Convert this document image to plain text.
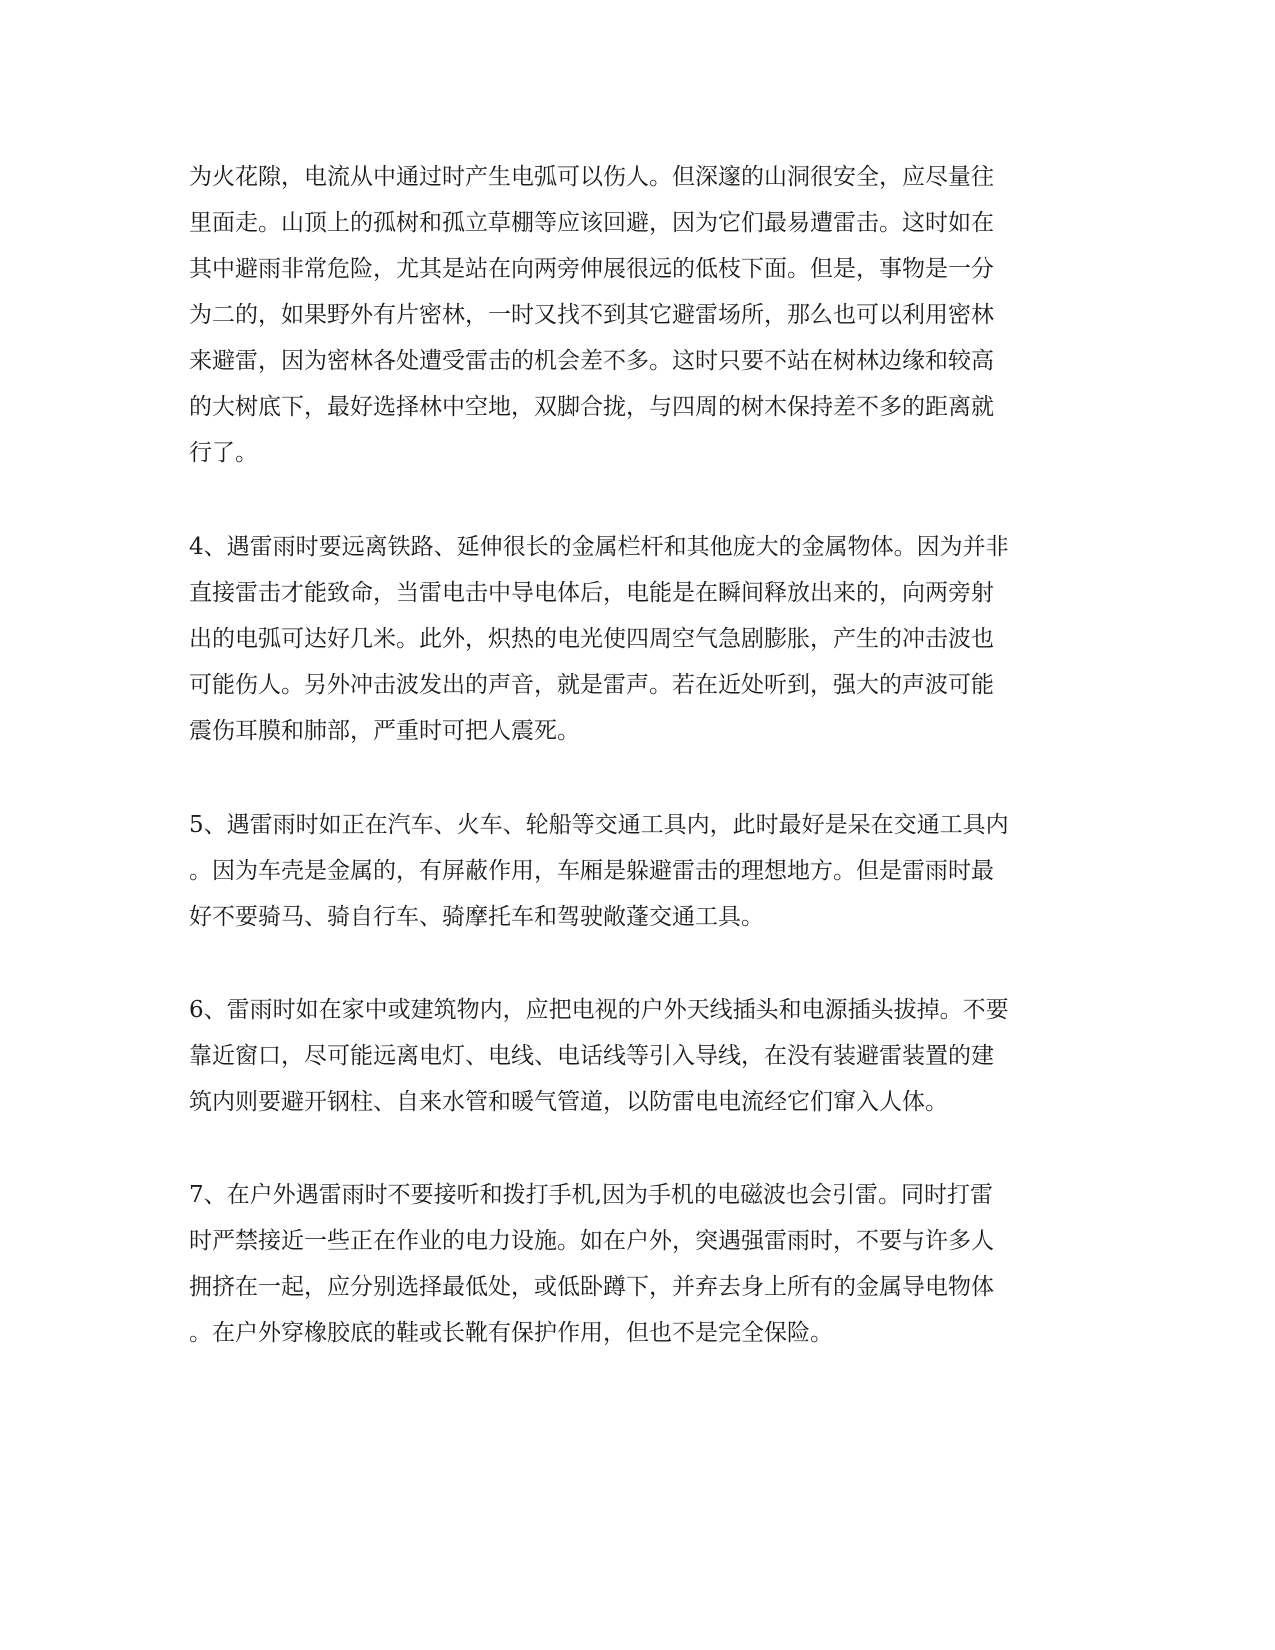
为火花隙，电流从中通过时产生电弧可以伤人。但深邃的山洞很安全，应尽量往
里面走。山顶上的孤树和孤立草棚等应该回避，因为它们最易遭雷击。这时如在
其中避雨非常危险，尤其是站在向两旁伸展很远的低枝下面。但是，事物是一分
为二的，如果野外有片密林，一时又找不到其它避雷场所，那么也可以利用密林
来避雷，因为密林各处遭受雷击的机会差不多。这时只要不站在树林边缘和较高
的大树底下，最好选择林中空地，双脚合拢，与四周的树木保持差不多的距离就
行了。
4、遇雷雨时要远离铁路、延伸很长的金属栏杆和其他庞大的金属物体。因为并非
直接雷击才能致命，当雷电击中导电体后，电能是在瞬间释放出来的，向两旁射
出的电弧可达好几米。此外，炽热的电光使四周空气急剧膨胀，产生的冲击波也
可能伤人。另外冲击波发出的声音，就是雷声。若在近处听到，强大的声波可能
震伤耳膜和肺部，严重时可把人震死。
5、遇雷雨时如正在汽车、火车、轮船等交通工具内，此时最好是呆在交通工具内
。因为车壳是金属的，有屏蔽作用，车厢是躲避雷击的理想地方。但是雷雨时最
好不要骑马、骑自行车、骑摩托车和驾驶敞蓬交通工具。
6、雷雨时如在家中或建筑物内，应把电视的户外天线插头和电源插头拔掉。不要
靠近窗口，尽可能远离电灯、电线、电话线等引入导线，在没有装避雷装置的建
筑内则要避开钢柱、自来水管和暖气管道，以防雷电电流经它们窜入人体。
7、在户外遇雷雨时不要接听和拨打手机,因为手机的电磁波也会引雷。同时打雷
时严禁接近一些正在作业的电力设施。如在户外，突遇强雷雨时，不要与许多人
拥挤在一起，应分别选择最低处，或低卧蹲下，并弃去身上所有的金属导电物体
。在户外穿橡胶底的鞋或长靴有保护作用，但也不是完全保险。
